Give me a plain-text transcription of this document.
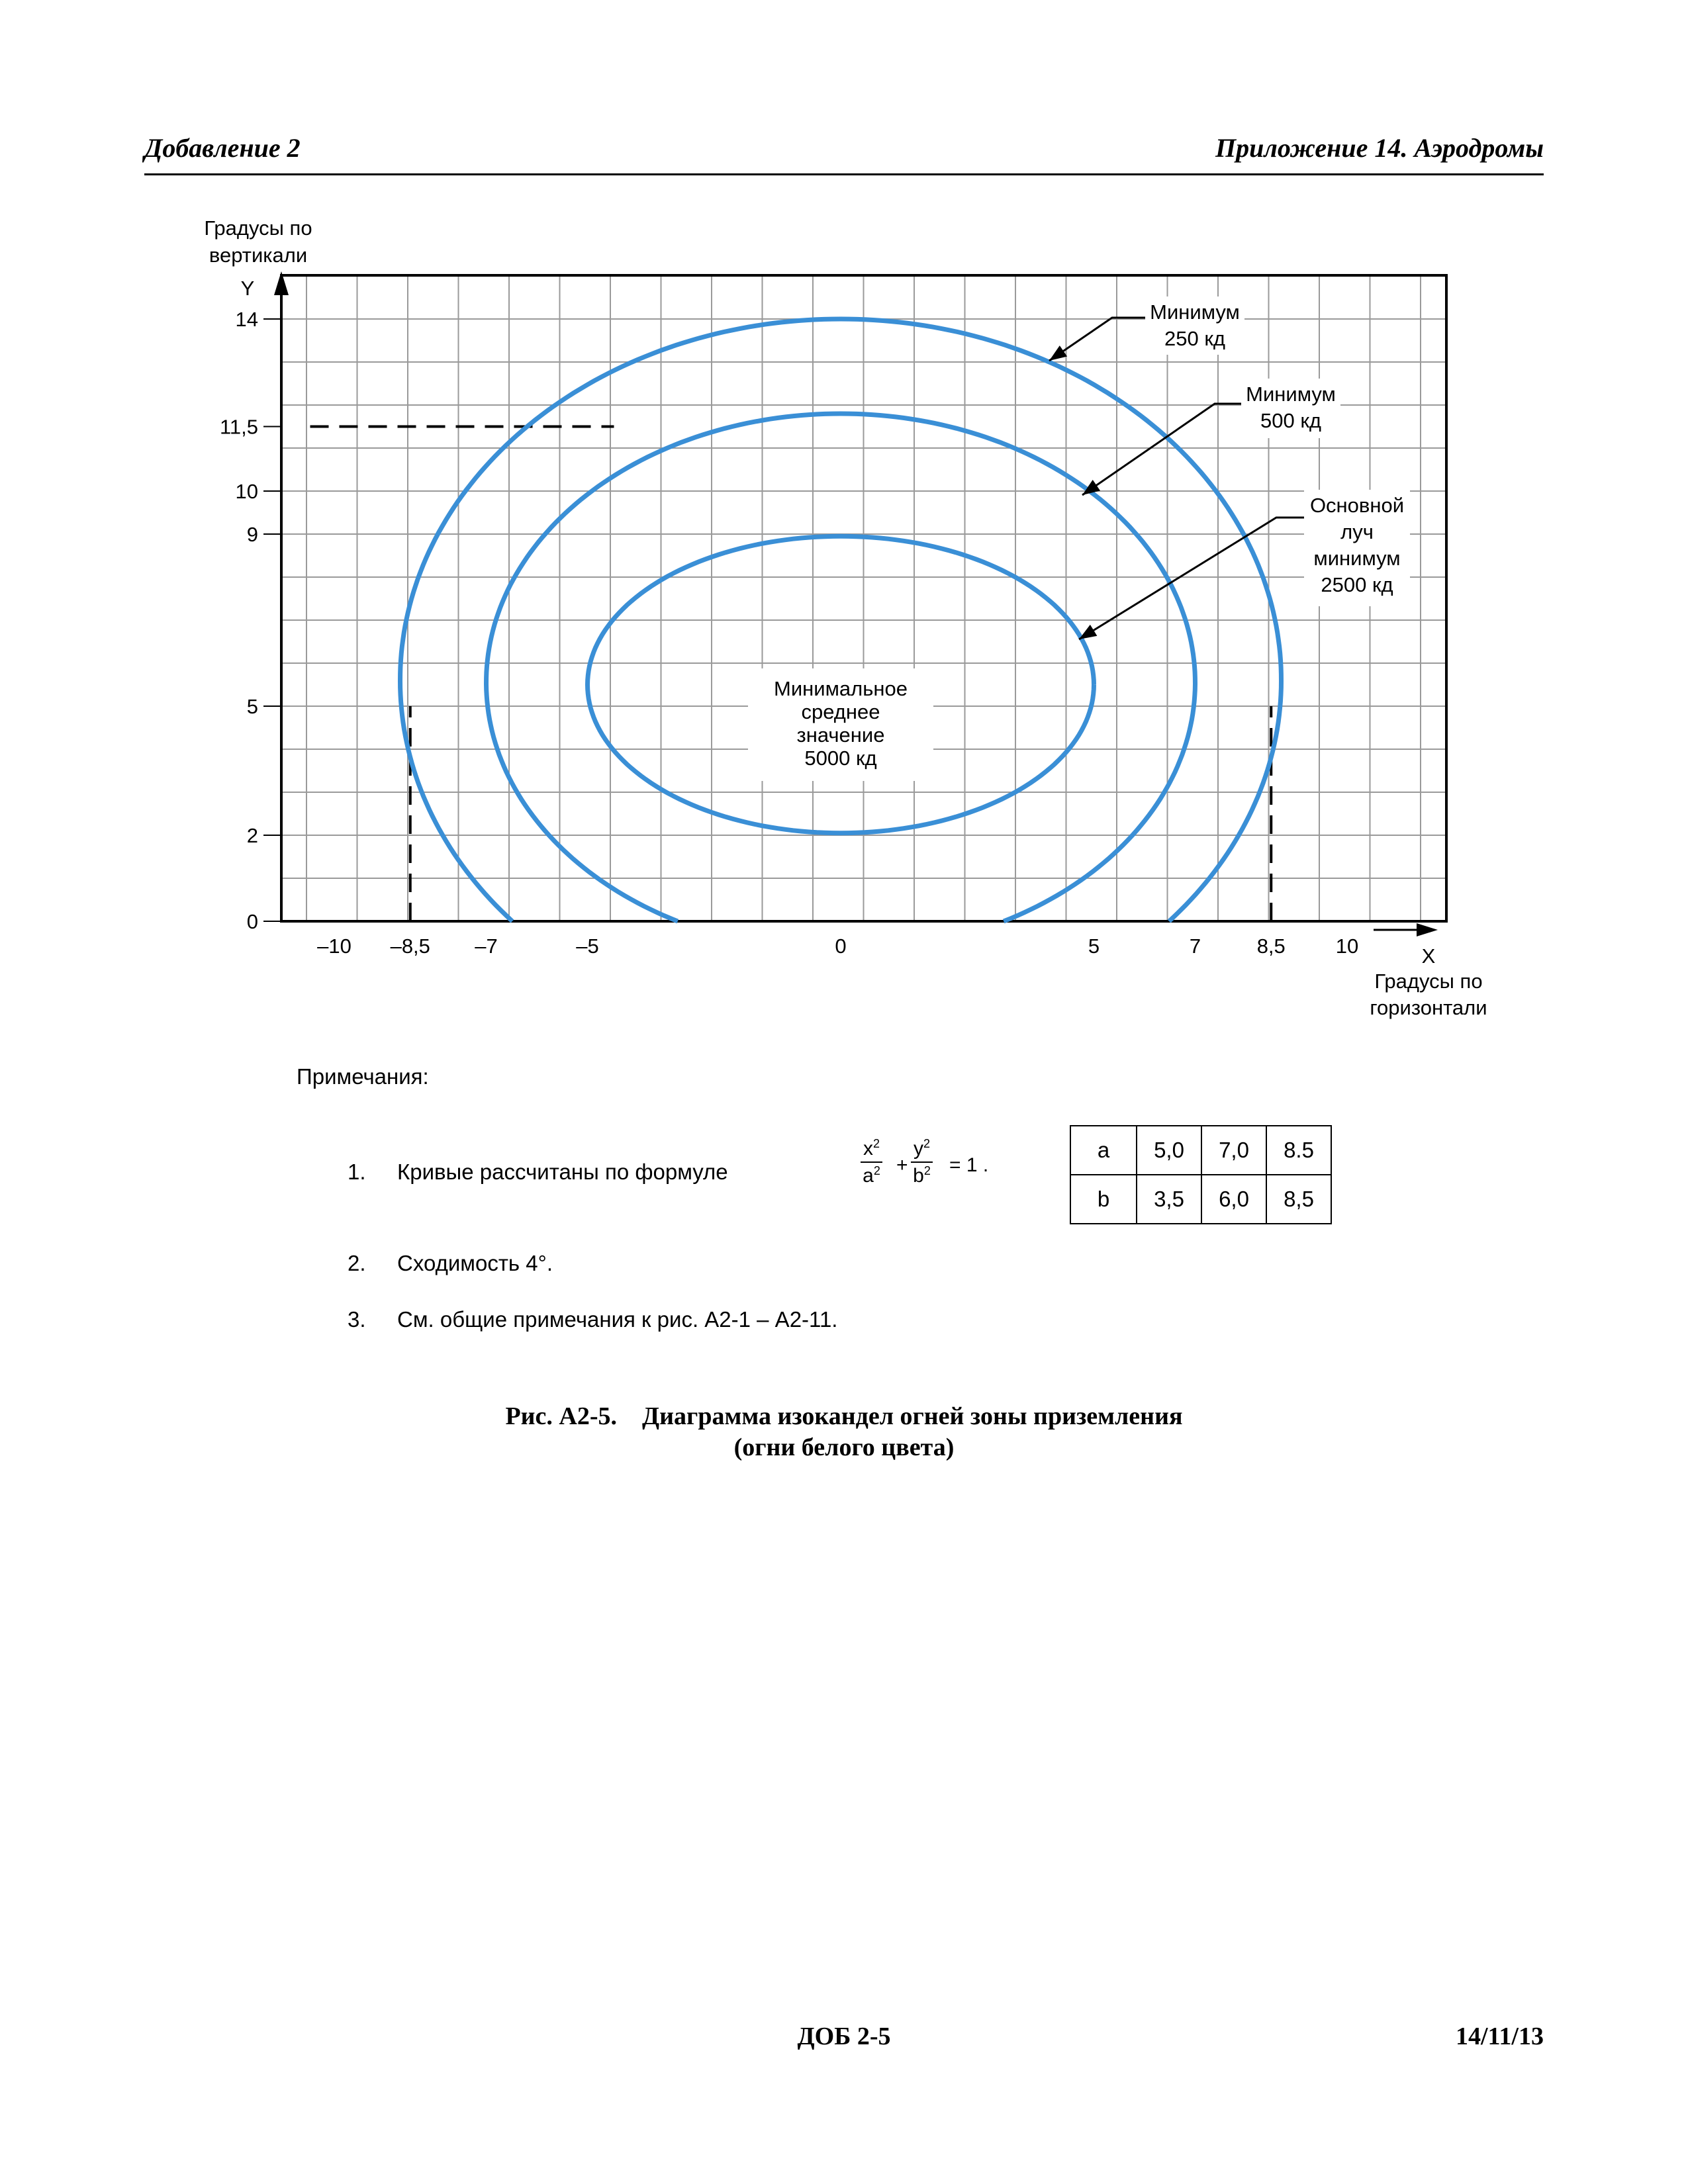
Добавление 2	Приложение 14. Аэродромы
Градусы по
вертикали
Y
X
Градусы по
горизонтали
–10 –8,5 –7	–5	0	5	7	8,5 10
0
2
5
9
10
11,5
14
Минимальное
среднее
значение
5000 кд
Минимум
250 кд
Минимум
500 кд
Основной
луч
минимум
2500 кд
Примечания:
1. Кривые рассчитаны по формуле	$\frac{x^2}{a^2} + \frac{y^2}{b^2} = 1$ .
a	5,0	7,0	8.5
b	3,5	6,0	8,5
2. Сходимость 4°.
3. См. общие примечания к рис. А2-1 – А2-11.
Рис. А2-5.    Диаграмма изокандел огней зоны приземления
(огни белого цвета)
ДОБ 2-5	14/11/13
